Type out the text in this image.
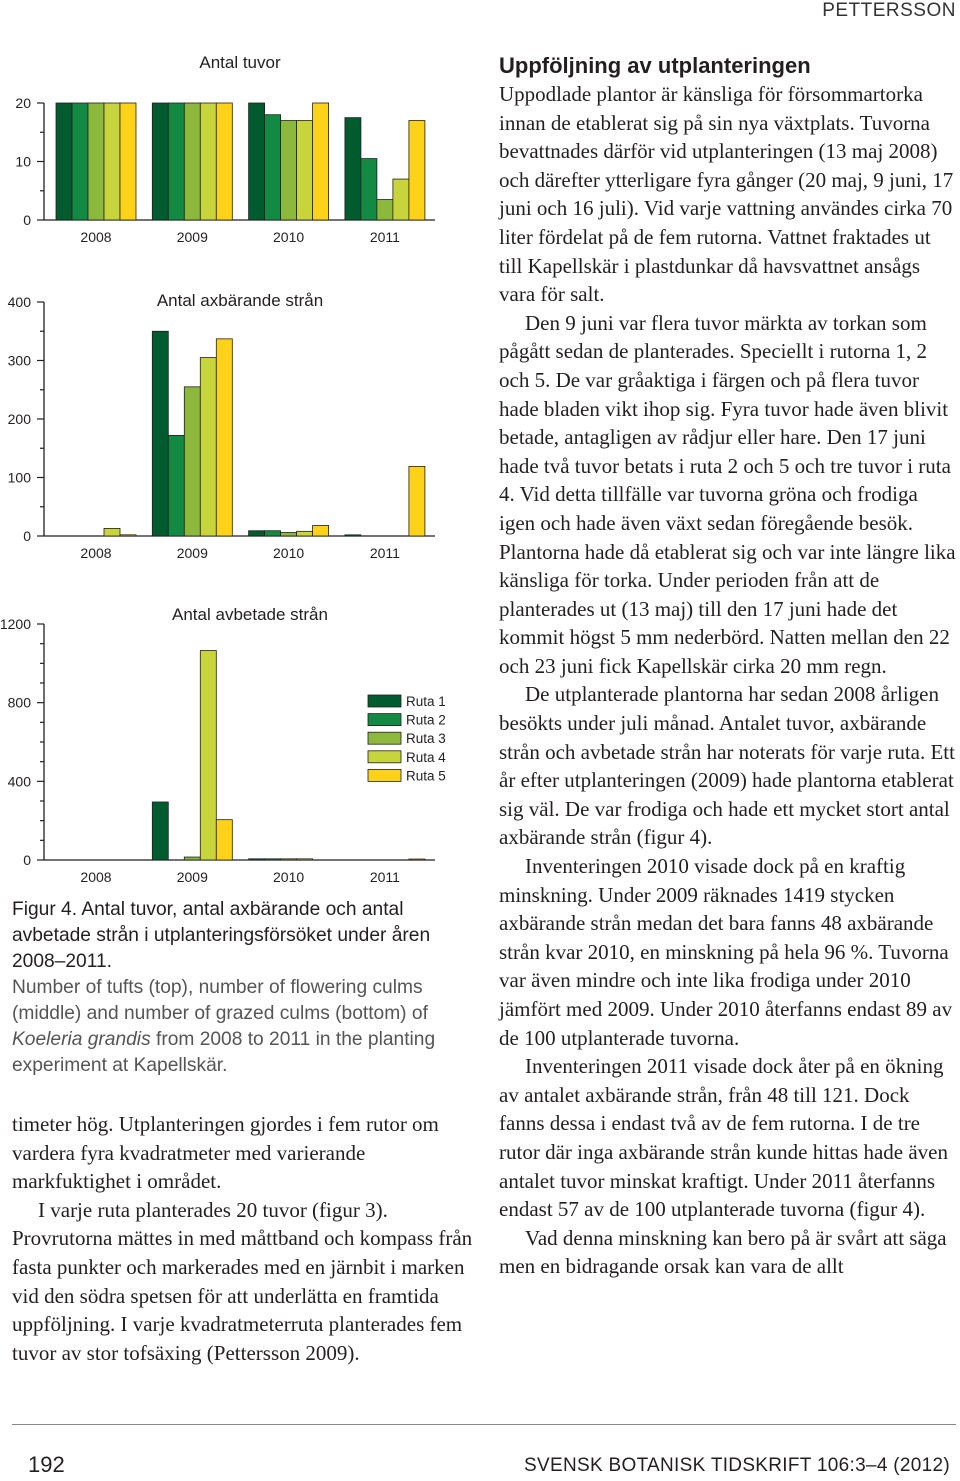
PETTERSSON
Antal tuvor
0
10
20
2008	2009	2010	2011
Antal axbärande strån
0
100
200
300
400
2008	2009	2010	2011
Antal avbetade strån
0
400
800
1200
2008	2009	2010	2011
Ruta 1
Ruta 2
Ruta 3
Ruta 4
Ruta 5
Figur 4. Antal tuvor, antal axbärande och antal avbetade strån i utplanteringsförsöket under åren 2008–2011.
Number of tufts (top), number of flowering culms (middle) and number of grazed culms (bottom) of Koeleria grandis from 2008 to 2011 in the planting experiment at Kapellskär.

timeter hög. Utplanteringen gjordes i fem rutor om vardera fyra kvadratmeter med varierande markfuktighet i området.

I varje ruta planterades 20 tuvor (figur 3). Provrutorna mättes in med måttband och kompass från fasta punkter och markerades med en järnbit i marken vid den södra spetsen för att underlätta en framtida uppföljning. I varje kvadratmeterruta planterades fem tuvor av stor tofsäxing (Pettersson 2009).

Uppföljning av utplanteringen

Uppodlade plantor är känsliga för försommartorka innan de etablerat sig på sin nya växtplats. Tuvorna bevattnades därför vid utplanteringen (13 maj 2008) och därefter ytterligare fyra gånger (20 maj, 9 juni, 17 juni och 16 juli). Vid varje vattning användes cirka 70 liter fördelat på de fem rutorna. Vattnet fraktades ut till Kapellskär i plastdunkar då havsvattnet ansågs vara för salt.

Den 9 juni var flera tuvor märkta av torkan som pågått sedan de planterades. Speciellt i rutorna 1, 2 och 5. De var gråaktiga i färgen och på flera tuvor hade bladen vikt ihop sig. Fyra tuvor hade även blivit betade, antagligen av rådjur eller hare. Den 17 juni hade två tuvor betats i ruta 2 och 5 och tre tuvor i ruta 4. Vid detta tillfälle var tuvorna gröna och frodiga igen och hade även växt sedan föregående besök. Plantorna hade då etablerat sig och var inte längre lika känsliga för torka. Under perioden från att de planterades ut (13 maj) till den 17 juni hade det kommit högst 5 mm nederbörd. Natten mellan den 22 och 23 juni fick Kapellskär cirka 20 mm regn.

De utplanterade plantorna har sedan 2008 årligen besökts under juli månad. Antalet tuvor, axbärande strån och avbetade strån har noterats för varje ruta. Ett år efter utplanteringen (2009) hade plantorna etablerat sig väl. De var frodiga och hade ett mycket stort antal axbärande strån (figur 4).

Inventeringen 2010 visade dock på en kraftig minskning. Under 2009 räknades 1419 stycken axbärande strån medan det bara fanns 48 axbärande strån kvar 2010, en minskning på hela 96 %. Tuvorna var även mindre och inte lika frodiga under 2010 jämfört med 2009. Under 2010 återfanns endast 89 av de 100 utplanterade tuvorna.

Inventeringen 2011 visade dock åter på en ökning av antalet axbärande strån, från 48 till 121. Dock fanns dessa i endast två av de fem rutorna. I de tre rutor där inga axbärande strån kunde hittas hade även antalet tuvor minskat kraftigt. Under 2011 återfanns endast 57 av de 100 utplanterade tuvorna (figur 4).

Vad denna minskning kan bero på är svårt att säga men en bidragande orsak kan vara de allt

192	SVENSK BOTANISK TIDSKRIFT 106:3–4 (2012)
